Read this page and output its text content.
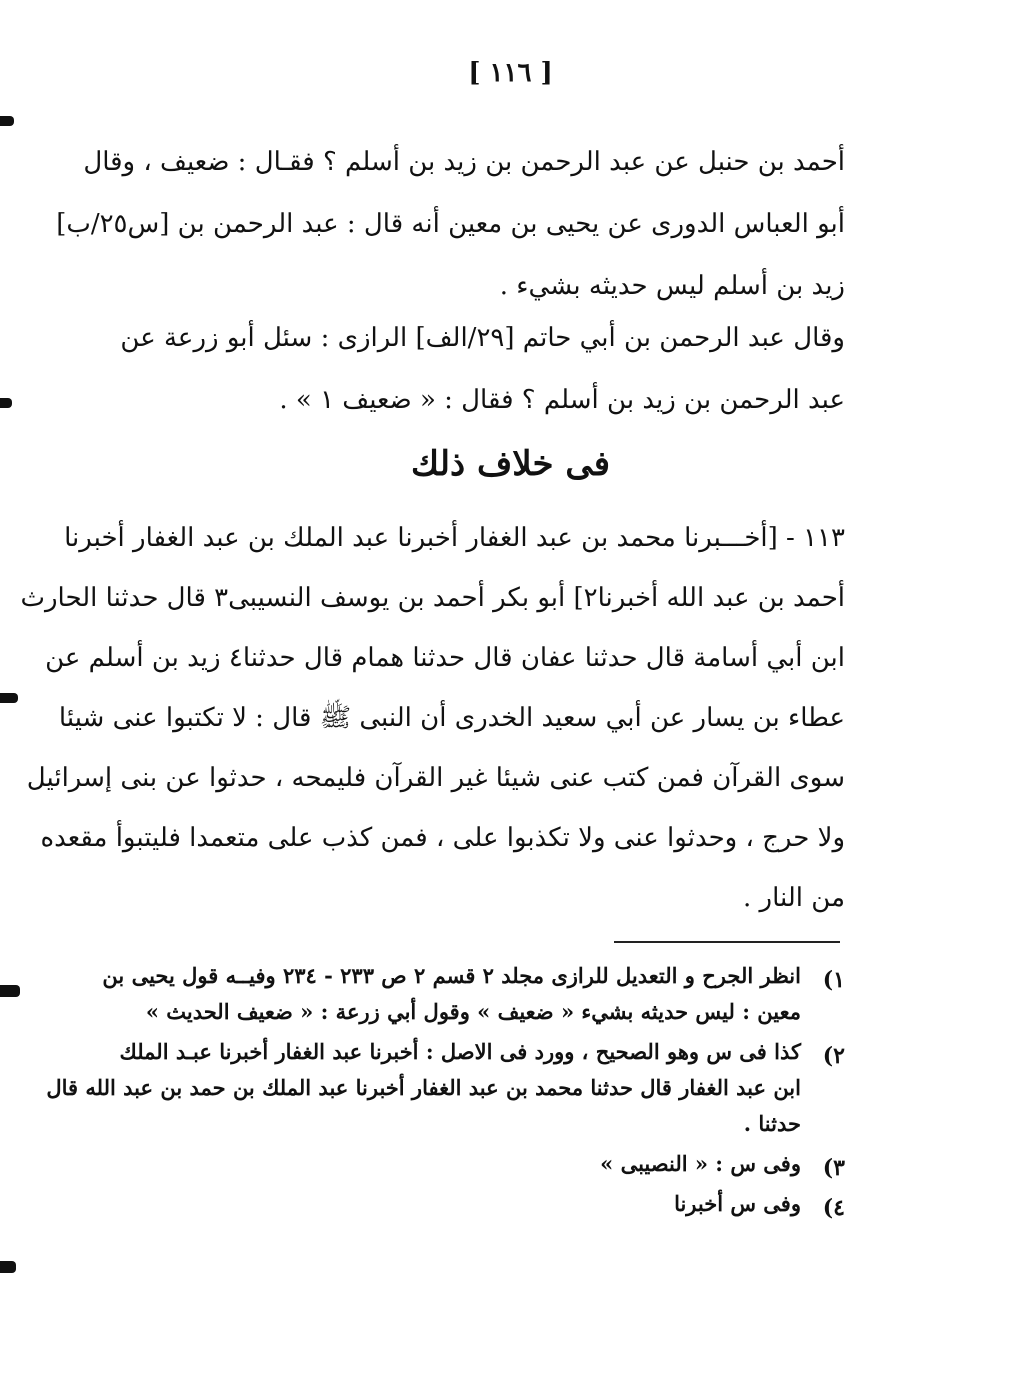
[ ١١٦ ]
أحمد بن حنبل عن عبد الرحمن بن زيد بن أسلم ؟ فقـال : ضعيف ، وقال
أبو العباس الدورى عن يحيى بن معين أنه قال : عبد الرحمن بن [س٢٥/ب]
زيد بن أسلم ليس حديثه بشيء .
وقال عبد الرحمن بن أبي حاتم [٢٩/الف] الرازى : سئل أبو زرعة عن
عبد الرحمن بن زيد بن أسلم ؟ فقال : « ضعيف ١ » .
فى خلاف ذلك
١١٣ - [أخـــبرنا محمد بن عبد الغفار أخبرنا عبد الملك بن عبد الغفار أخبرنا
أحمد بن عبد الله أخبرنا٢] أبو بكر أحمد بن يوسف النسيبى٣ قال حدثنا الحارث
ابن أبي أسامة قال حدثنا عفان قال حدثنا همام قال حدثنا٤ زيد بن أسلم عن
عطاء بن يسار عن أبي سعيد الخدرى أن النبى ﷺ قال : لا تكتبوا عنى شيئا
سوى القرآن فمن كتب عنى شيئا غير القرآن فليمحه ، حدثوا عن بنى إسرائيل
ولا حرج ، وحدثوا عنى ولا تكذبوا على ، فمن كذب على متعمدا فليتبوأ مقعده
من النار .
١)
انظر الجرح و التعديل للرازى مجلد ٢ قسم ٢ ص ٢٣٣ - ٢٣٤ وفيــه قول يحيى بن
معين : ليس حديثه بشيء « ضعيف » وقول أبي زرعة : « ضعيف الحديث »
٢)
كذا فى س وهو الصحيح ، وورد فى الاصل : أخبرنا عبد الغفار أخبرنا عبـد الملك
ابن عبد الغفار قال حدثنا محمد بن عبد الغفار أخبرنا عبد الملك بن حمد بن عبد الله قال
حدثنا .
٣)
وفى س : « النصيبى »
٤)
وفى س أخبرنا
